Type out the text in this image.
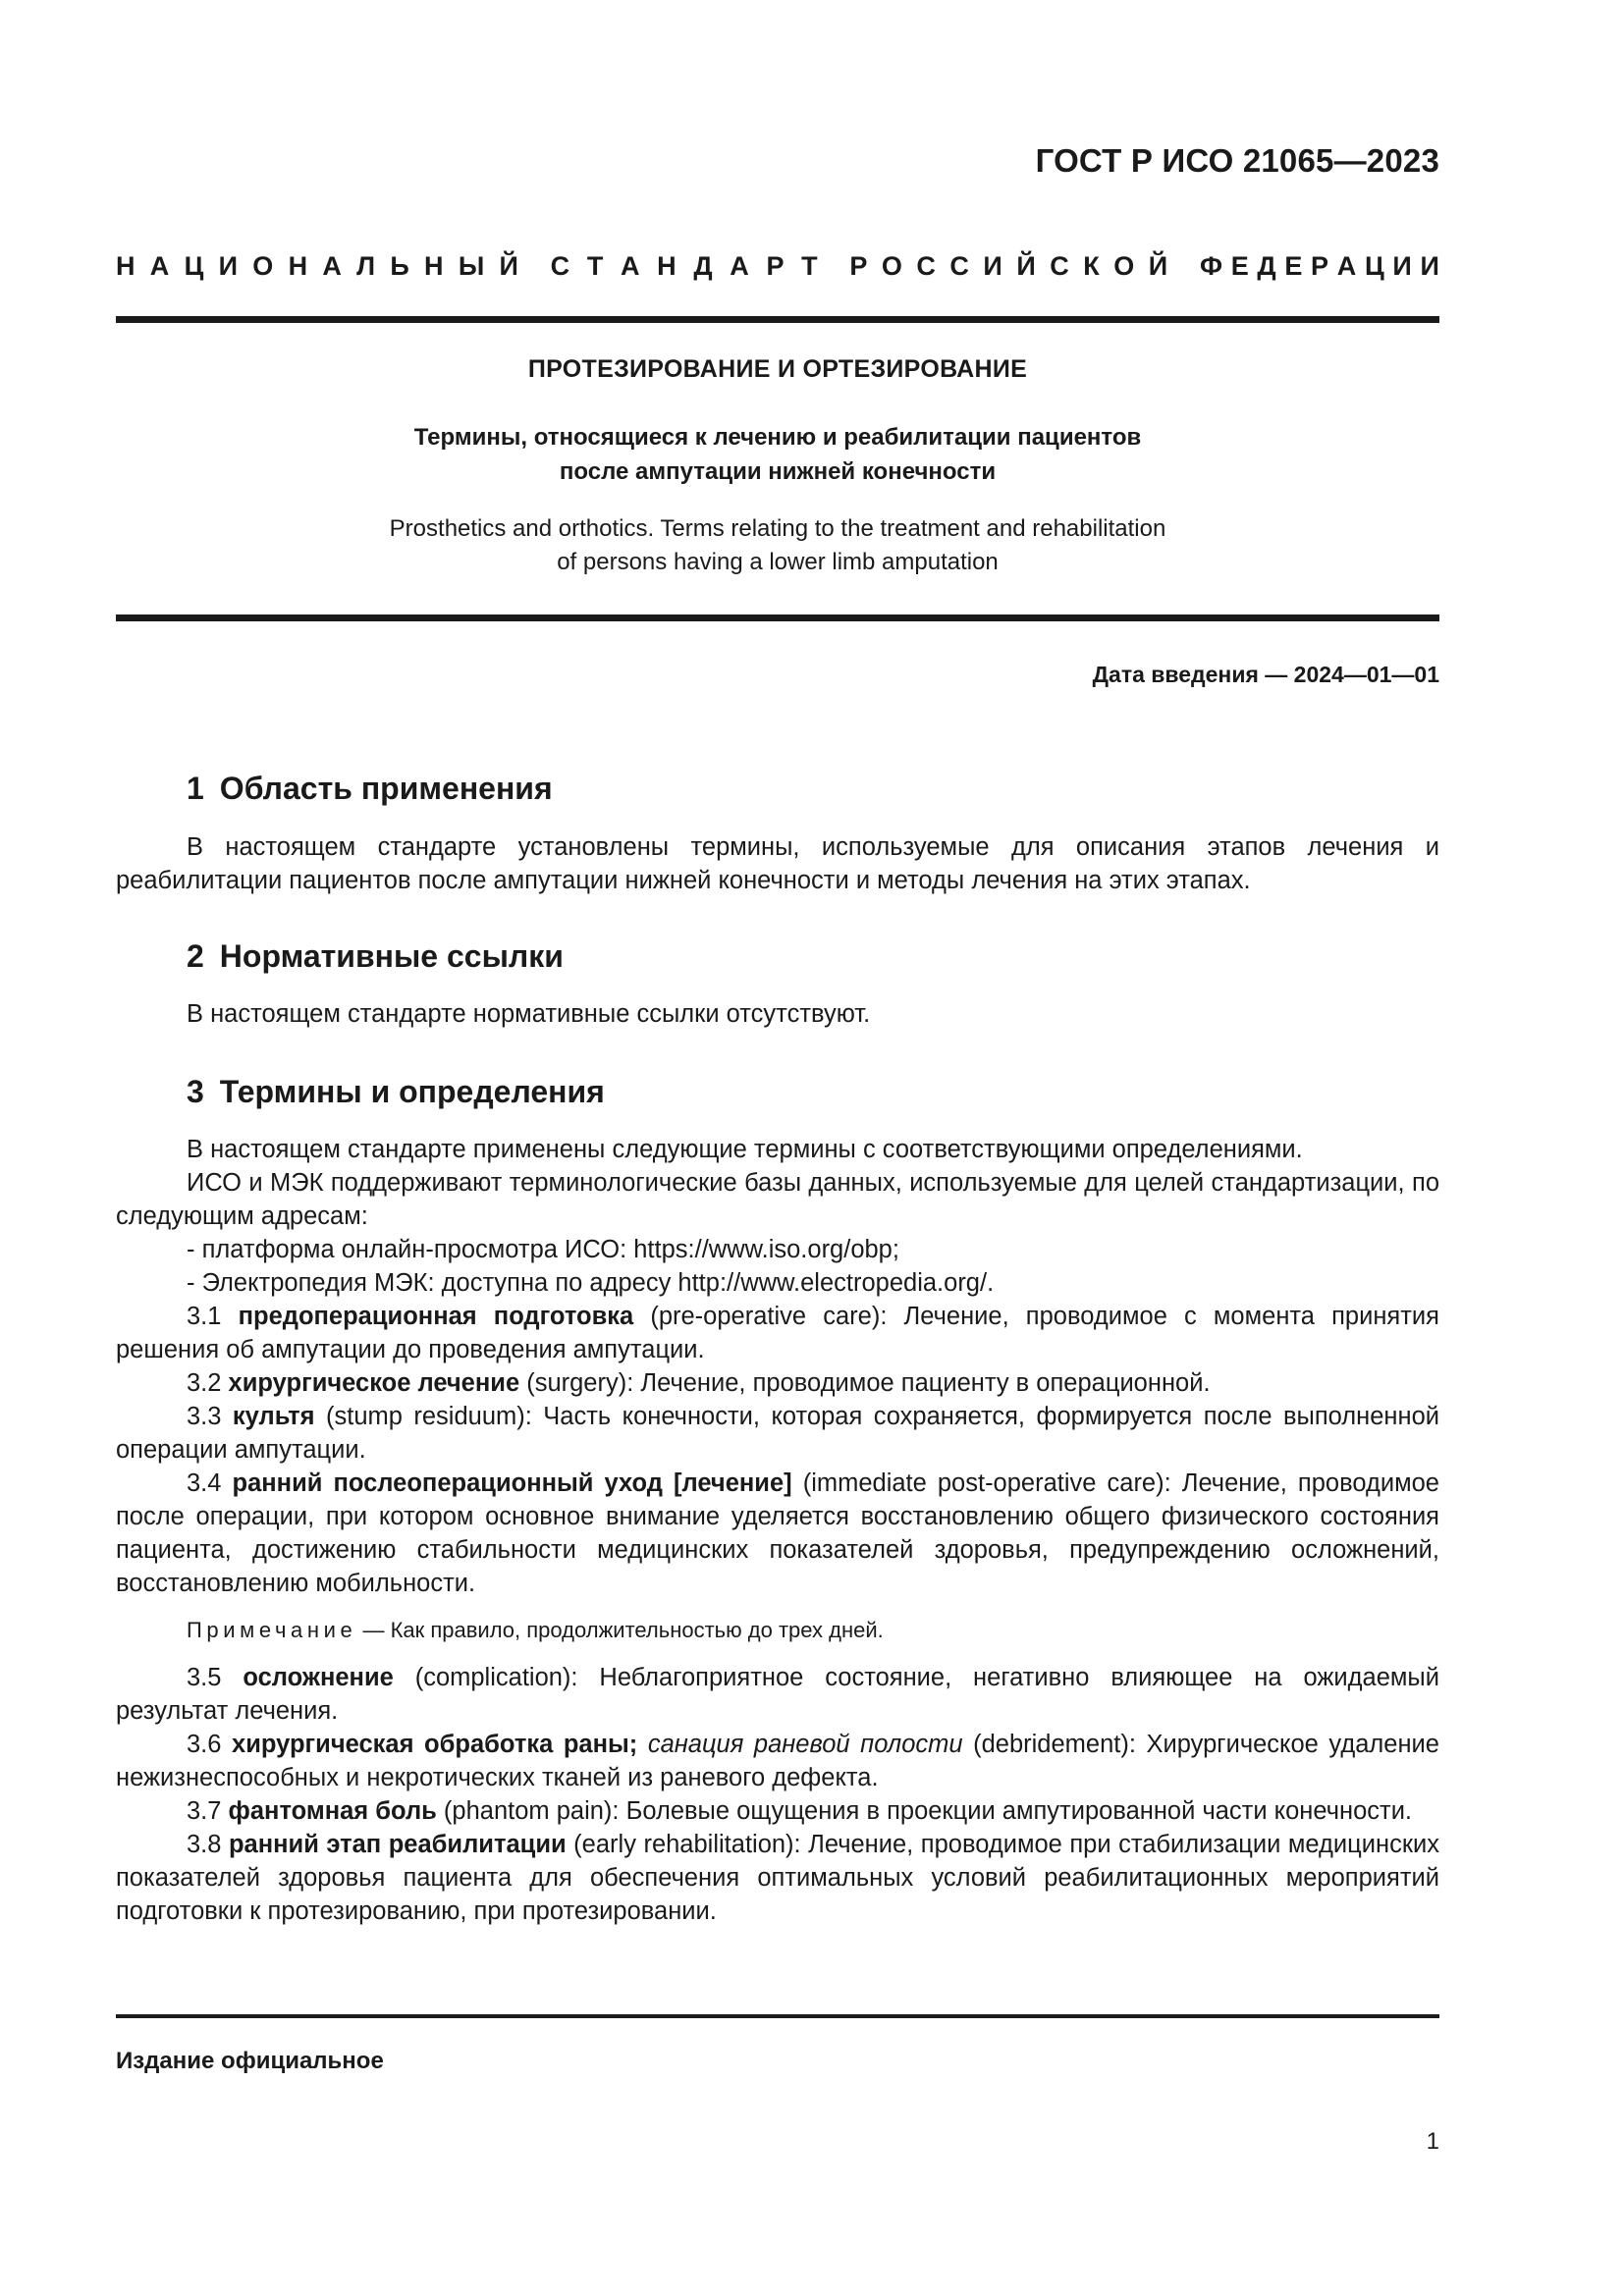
ГОСТ Р ИСО 21065—2023
Н А Ц И О Н А Л Ь Н Ы Й С Т А Н Д А Р Т Р О С С И Й С К О Й Ф Е Д Е Р А Ц И И
ПРОТЕЗИРОВАНИЕ И ОРТЕЗИРОВАНИЕ
Термины, относящиеся к лечению и реабилитации пациентов
после ампутации нижней конечности
Prosthetics and orthotics. Terms relating to the treatment and rehabilitation
of persons having a lower limb amputation
Дата введения — 2024—01—01
1 Область применения

В настоящем стандарте установлены термины, используемые для описания этапов лечения и реабилитации пациентов после ампутации нижней конечности и методы лечения на этих этапах.

2 Нормативные ссылки

В настоящем стандарте нормативные ссылки отсутствуют.

3 Термины и определения

В настоящем стандарте применены следующие термины с соответствующими определениями.

ИСО и МЭК поддерживают терминологические базы данных, используемые для целей стандартизации, по следующим адресам:

- платформа онлайн-просмотра ИСО: https://www.iso.org/obp;

- Электропедия МЭК: доступна по адресу http://www.electropedia.org/.

3.1 предоперационная подготовка (pre-operative care): Лечение, проводимое с момента принятия решения об ампутации до проведения ампутации.

3.2 хирургическое лечение (surgery): Лечение, проводимое пациенту в операционной.

3.3 культя (stump residuum): Часть конечности, которая сохраняется, формируется после выполненной операции ампутации.

3.4 ранний послеоперационный уход [лечение] (immediate post-operative care): Лечение, проводимое после операции, при котором основное внимание уделяется восстановлению общего физического состояния пациента, достижению стабильности медицинских показателей здоровья, предупреждению осложнений, восстановлению мобильности.

Примечание — Как правило, продолжительностью до трех дней.

3.5 осложнение (complication): Неблагоприятное состояние, негативно влияющее на ожидаемый результат лечения.

3.6 хирургическая обработка раны; санация раневой полости (debridement): Хирургическое удаление нежизнеспособных и некротических тканей из раневого дефекта.

3.7 фантомная боль (phantom pain): Болевые ощущения в проекции ампутированной части конечности.

3.8 ранний этап реабилитации (early rehabilitation): Лечение, проводимое при стабилизации медицинских показателей здоровья пациента для обеспечения оптимальных условий реабилитационных мероприятий подготовки к протезированию, при протезировании.

Издание официальное
1
